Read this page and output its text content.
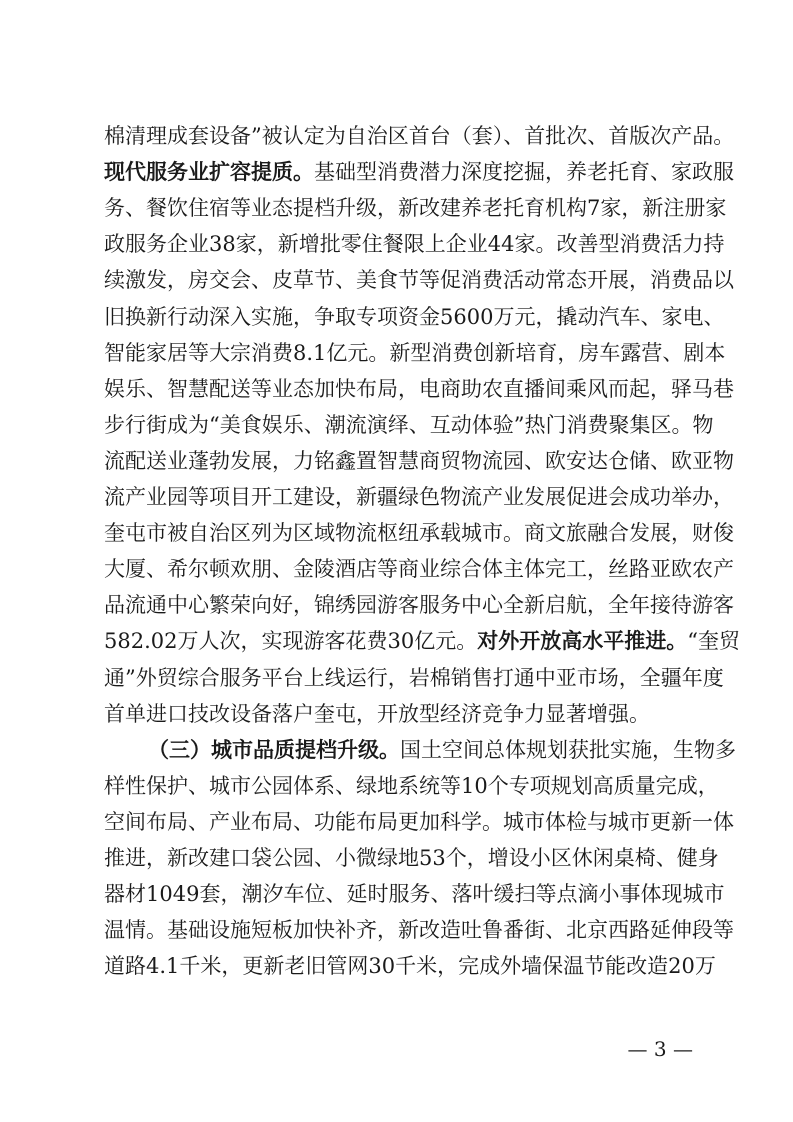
棉清理成套设备”被认定为自治区首台（套）、首批次、首版次产品。
现代服务业扩容提质。基础型消费潜力深度挖掘，养老托育、家政服
务、餐饮住宿等业态提档升级，新改建养老托育机构7家，新注册家
政服务企业38家，新增批零住餐限上企业44家。改善型消费活力持
续激发，房交会、皮草节、美食节等促消费活动常态开展，消费品以
旧换新行动深入实施，争取专项资金5600万元，撬动汽车、家电、
智能家居等大宗消费8.1亿元。新型消费创新培育，房车露营、剧本
娱乐、智慧配送等业态加快布局，电商助农直播间乘风而起，驿马巷
步行街成为“美食娱乐、潮流演绎、互动体验”热门消费聚集区。物
流配送业蓬勃发展，力铭鑫置智慧商贸物流园、欧安达仓储、欧亚物
流产业园等项目开工建设，新疆绿色物流产业发展促进会成功举办，
奎屯市被自治区列为区域物流枢纽承载城市。商文旅融合发展，财俊
大厦、希尔顿欢朋、金陵酒店等商业综合体主体完工，丝路亚欧农产
品流通中心繁荣向好，锦绣园游客服务中心全新启航，全年接待游客
582.02万人次，实现游客花费30亿元。对外开放高水平推进。“奎贸
通”外贸综合服务平台上线运行，岩棉销售打通中亚市场，全疆年度
首单进口技改设备落户奎屯，开放型经济竞争力显著增强。
（三）城市品质提档升级。国土空间总体规划获批实施，生物多
样性保护、城市公园体系、绿地系统等10个专项规划高质量完成，
空间布局、产业布局、功能布局更加科学。城市体检与城市更新一体
推进，新改建口袋公园、小微绿地53个，增设小区休闲桌椅、健身
器材1049套，潮汐车位、延时服务、落叶缓扫等点滴小事体现城市
温情。基础设施短板加快补齐，新改造吐鲁番街、北京西路延伸段等
道路4.1千米，更新老旧管网30千米，完成外墙保温节能改造20万
— 3 —
